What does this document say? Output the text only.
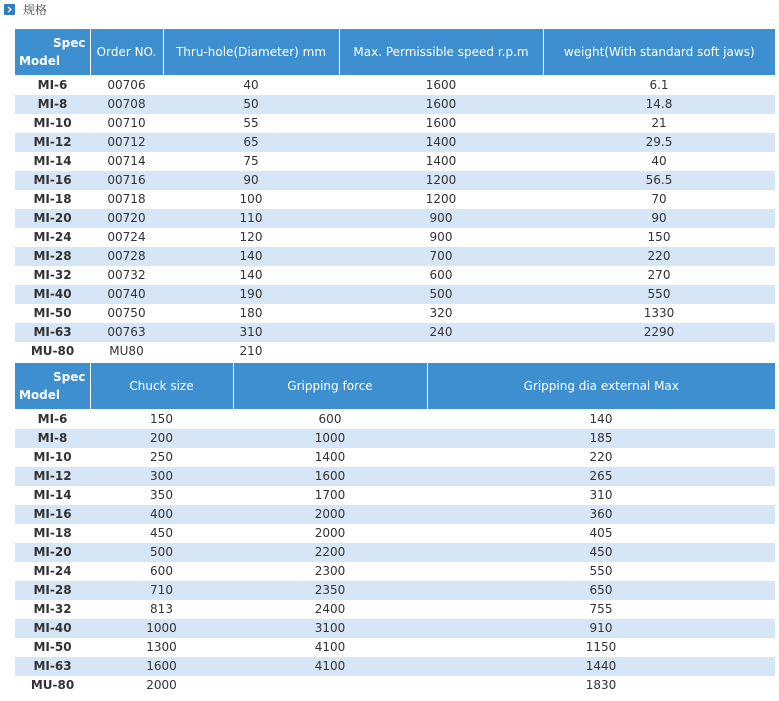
规格
Spec
Model	Order NO.	Thru-hole(Diameter) mm	Max. Permissible speed r.p.m	weight(With standard soft jaws)
MI-6	00706	40	1600	6.1
MI-8	00708	50	1600	14.8
MI-10	00710	55	1600	21
MI-12	00712	65	1400	29.5
MI-14	00714	75	1400	40
MI-16	00716	90	1200	56.5
MI-18	00718	100	1200	70
MI-20	00720	110	900	90
MI-24	00724	120	900	150
MI-28	00728	140	700	220
MI-32	00732	140	600	270
MI-40	00740	190	500	550
MI-50	00750	180	320	1330
MI-63	00763	310	240	2290
MU-80	MU80	210		
Spec
Model	Chuck size	Gripping force	Gripping dia external Max
MI-6	150	600	140
MI-8	200	1000	185
MI-10	250	1400	220
MI-12	300	1600	265
MI-14	350	1700	310
MI-16	400	2000	360
MI-18	450	2000	405
MI-20	500	2200	450
MI-24	600	2300	550
MI-28	710	2350	650
MI-32	813	2400	755
MI-40	1000	3100	910
MI-50	1300	4100	1150
MI-63	1600	4100	1440
MU-80	2000		1830
